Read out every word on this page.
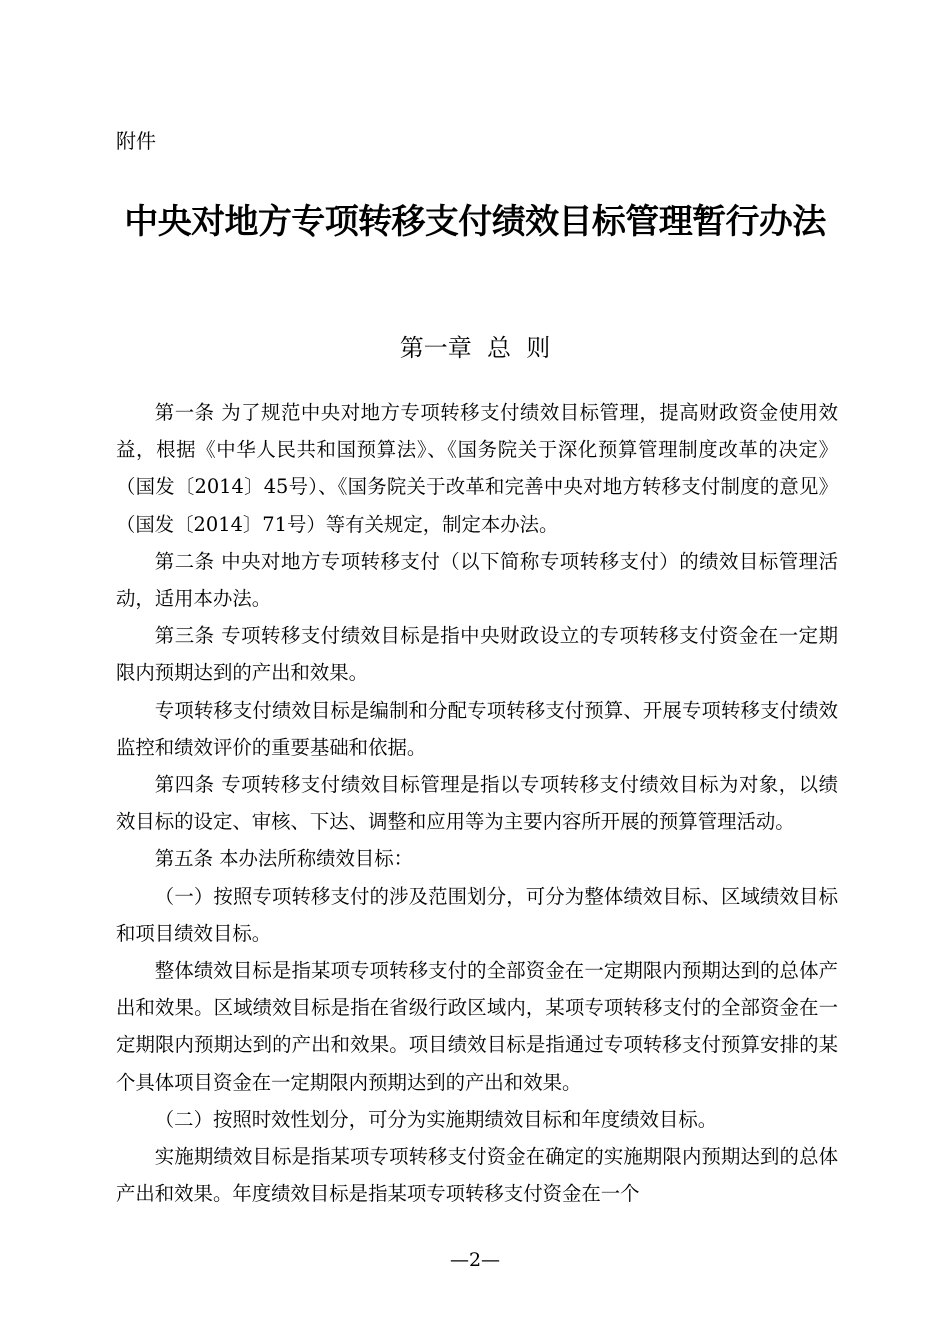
附件
中央对地方专项转移支付绩效目标管理暂行办法
第一章  总  则

第一条 为了规范中央对地方专项转移支付绩效目标管理，提高财政资金使用效益，根据《中华人民共和国预算法》、《国务院关于深化预算管理制度改革的决定》（国发〔2014〕45号）、《国务院关于改革和完善中央对地方转移支付制度的意见》（国发〔2014〕71号）等有关规定，制定本办法。

第二条 中央对地方专项转移支付（以下简称专项转移支付）的绩效目标管理活动，适用本办法。

第三条 专项转移支付绩效目标是指中央财政设立的专项转移支付资金在一定期限内预期达到的产出和效果。

专项转移支付绩效目标是编制和分配专项转移支付预算、开展专项转移支付绩效监控和绩效评价的重要基础和依据。

第四条 专项转移支付绩效目标管理是指以专项转移支付绩效目标为对象，以绩效目标的设定、审核、下达、调整和应用等为主要内容所开展的预算管理活动。

第五条 本办法所称绩效目标：

（一）按照专项转移支付的涉及范围划分，可分为整体绩效目标、区域绩效目标和项目绩效目标。

整体绩效目标是指某项专项转移支付的全部资金在一定期限内预期达到的总体产出和效果。区域绩效目标是指在省级行政区域内，某项专项转移支付的全部资金在一定期限内预期达到的产出和效果。项目绩效目标是指通过专项转移支付预算安排的某个具体项目资金在一定期限内预期达到的产出和效果。

（二）按照时效性划分，可分为实施期绩效目标和年度绩效目标。

实施期绩效目标是指某项专项转移支付资金在确定的实施期限内预期达到的总体产出和效果。年度绩效目标是指某项专项转移支付资金在一个

—2—
